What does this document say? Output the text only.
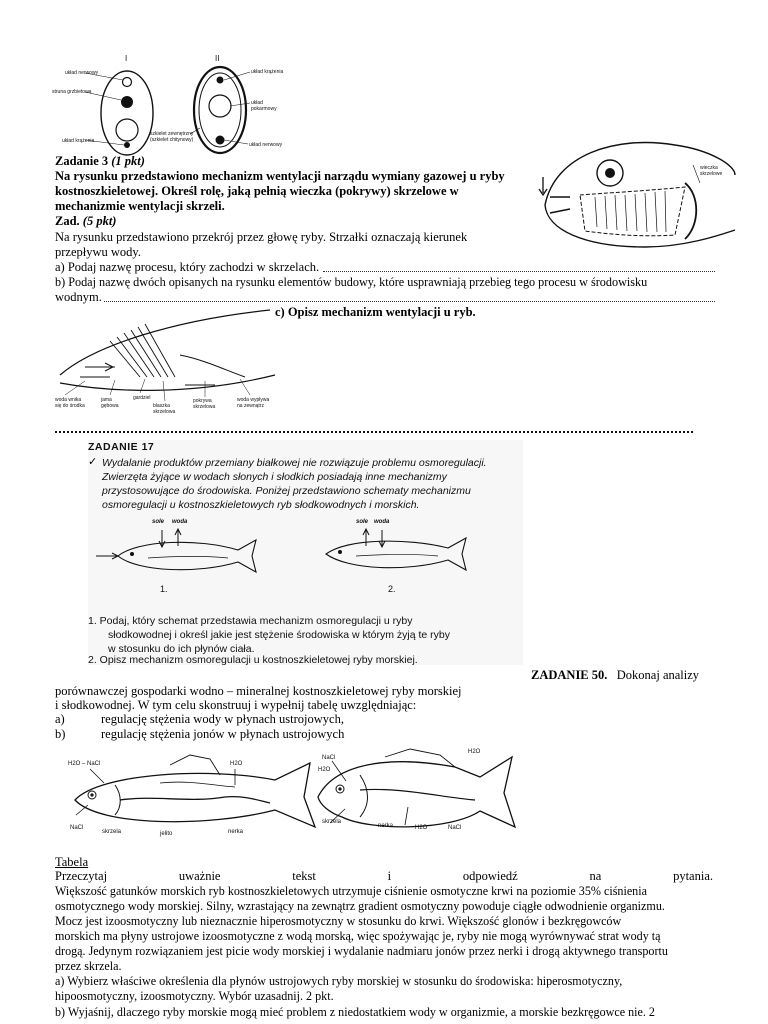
I	II
układ nerwowy
struna grzbietowa
układ krążenia
układ krążenia
układ pokarmowy
szkielet zewnętrzny (szkielet chitynowy)
układ nerwowy
Zadanie 3 (1 pkt)
Na rysunku przedstawiono mechanizm wentylacji narządu wymiany gazowej u ryby
kostnoszkieletowej. Określ rolę, jaką pełnią wieczka (pokrywy) skrzelowe w
mechanizmie wentylacji skrzeli.
wieczka skrzelowe
Zad. (5 pkt)
Na rysunku przedstawiono przekrój przez głowę ryby. Strzałki oznaczają kierunek
przepływu wody.
a) Podaj nazwę procesu, który zachodzi w skrzelach.
b) Podaj nazwę dwóch opisanych na rysunku elementów budowy, które usprawniają przebieg tego procesu w środowisku
wodnym.
c) Opisz mechanizm wentylacji u ryb.
woda wnika się do środka
jama gębowa
gardziel
blaszka skrzelowa
pokrywa skrzelowa
woda wypływa na zewnątrz
ZADANIE 17
✓ Wydalanie produktów przemiany białkowej nie rozwiązuje problemu osmoregulacji.
Zwierzęta żyjące w wodach słonych i słodkich posiadają inne mechanizmy
przystosowujące do środowiska. Poniżej przedstawiono schematy mechanizmu
osmoregulacji u kostnoszkieletowych ryb słodkowodnych i morskich.
sole woda	sole woda
1.	2.
1. Podaj, który schemat przedstawia mechanizm osmoregulacji u ryby
słodkowodnej i określ jakie jest stężenie środowiska w którym żyją te ryby
w stosunku do ich płynów ciała.
2. Opisz mechanizm osmoregulacji u kostnoszkieletowej ryby morskiej.
ZADANIE 50. Dokonaj analizy
porównawczej gospodarki wodno – mineralnej kostnoszkieletowej ryby morskiej
i słodkowodnej. W tym celu skonstruuj i wypełnij tabelę uwzględniając:
a)	regulację stężenia wody w płynach ustrojowych,
b)	regulację stężenia jonów w płynach ustrojowych
H2O – NaCl	H2O
NaCl
skrzela	jelito	nerka
NaCl
H2O
H2O
skrzela
nerka	H2O	NaCl
Tabela
Przeczytaj	uważnie	tekst	i	odpowiedź	na	pytania.
Większość gatunków morskich ryb kostnoszkieletowych utrzymuje ciśnienie osmotyczne krwi na poziomie 35% ciśnienia
osmotycznego wody morskiej. Silny, wzrastający na zewnątrz gradient osmotyczny powoduje ciągłe odwodnienie organizmu.
Mocz jest izoosmotyczny lub nieznacznie hiperosmotyczny w stosunku do krwi. Większość glonów i bezkręgowców
morskich ma płyny ustrojowe izoosmotyczne z wodą morską, więc spożywając je, ryby nie mogą wyrównywać strat wody tą
drogą. Jedynym rozwiązaniem jest picie wody morskiej i wydalanie nadmiaru jonów przez nerki i drogą aktywnego transportu
przez skrzela.
a) Wybierz właściwe określenia dla płynów ustrojowych ryby morskiej w stosunku do środowiska: hiperosmotyczny,
hipoosmotyczny, izoosmotyczny. Wybór uzasadnij. 2 pkt.
b) Wyjaśnij, dlaczego ryby morskie mogą mieć problem z niedostatkiem wody w organizmie, a morskie bezkręgowce nie. 2
